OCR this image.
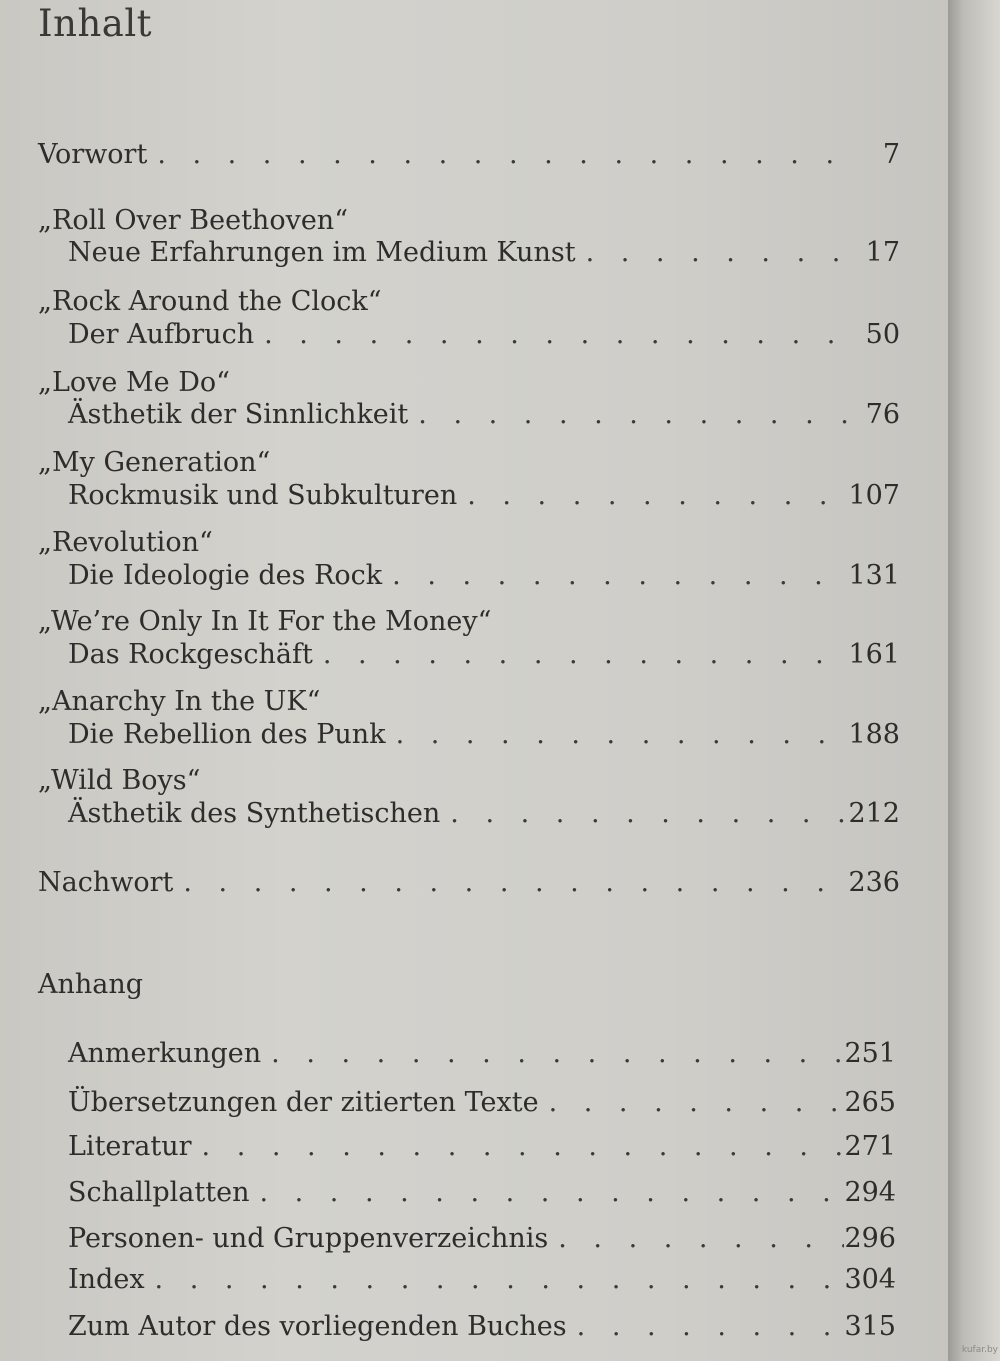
Inhalt
Vorwort . . .	7
„Roll Over Beethoven“
Neue Erfahrungen im Medium Kunst . . .	17
„Rock Around the Clock“
Der Aufbruch . . .	50
„Love Me Do“
Ästhetik der Sinnlichkeit . . .	76
„My Generation“
Rockmusik und Subkulturen . . .	107
„Revolution“
Die Ideologie des Rock . . .	131
„We’re Only In It For the Money“
Das Rockgeschäft . . .	161
„Anarchy In the UK“
Die Rebellion des Punk . . .	188
„Wild Boys“
Ästhetik des Synthetischen . . .	212
Nachwort . . .	236
Anhang
Anmerkungen . . .	251
Übersetzungen der zitierten Texte . . .	265
Literatur . . .	271
Schallplatten . . .	294
Personen- und Gruppenverzeichnis . . .	296
Index . . .	304
Zum Autor des vorliegenden Buches . . .	315
kufar.by
